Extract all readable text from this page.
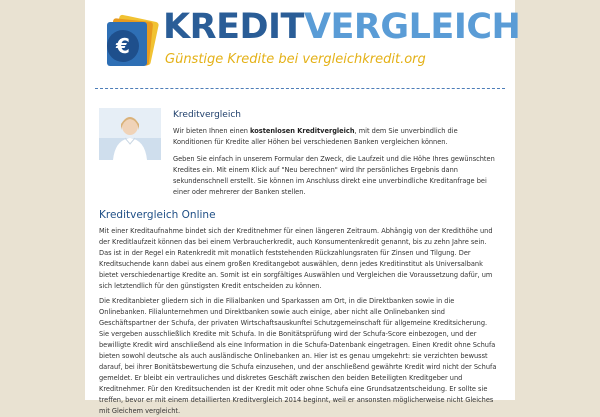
€ KREDITVERGLEICH
Günstige Kredite bei vergleichkredit.org
Kreditvergleich

Wir bieten Ihnen einen kostenlosen Kreditvergleich, mit dem Sie unverbindlich die Konditionen für Kredite aller Höhen bei verschiedenen Banken vergleichen können.

Geben Sie einfach in unserem Formular den Zweck, die Laufzeit und die Höhe Ihres gewünschten Kredites ein. Mit einem Klick auf "Neu berechnen" wird Ihr persönliches Ergebnis dann sekundenschnell erstellt. Sie können im Anschluss direkt eine unverbindliche Kreditanfrage bei einer oder mehrerer der Banken stellen.

Kreditvergleich Online

Mit einer Kreditaufnahme bindet sich der Kreditnehmer für einen längeren Zeitraum. Abhängig von der Kredithöhe und der Kreditlaufzeit können das bei einem Verbraucherkredit, auch Konsumentenkredit genannt, bis zu zehn Jahre sein. Das ist in der Regel ein Ratenkredit mit monatlich feststehenden Rückzahlungsraten für Zinsen und Tilgung. Der Kreditsuchende kann dabei aus einem großen Kreditangebot auswählen, denn jedes Kreditinstitut als Universalbank bietet verschiedenartige Kredite an. Somit ist ein sorgfältiges Auswählen und Vergleichen die Voraussetzung dafür, um sich letztendlich für den günstigsten Kredit entscheiden zu können.

Die Kreditanbieter gliedern sich in die Filialbanken und Sparkassen am Ort, in die Direktbanken sowie in die Onlinebanken. Filialunternehmen und Direktbanken sowie auch einige, aber nicht alle Onlinebanken sind Geschäftspartner der Schufa, der privaten Wirtschaftsauskunftei Schutzgemeinschaft für allgemeine Kreditsicherung. Sie vergeben ausschließlich Kredite mit Schufa. In die Bonitätsprüfung wird der Schufa-Score einbezogen, und der bewilligte Kredit wird anschließend als eine Information in die Schufa-Datenbank eingetragen. Einen Kredit ohne Schufa bieten sowohl deutsche als auch ausländische Onlinebanken an. Hier ist es genau umgekehrt: sie verzichten bewusst darauf, bei ihrer Bonitätsbewertung die Schufa einzusehen, und der anschließend gewährte Kredit wird nicht der Schufa gemeldet. Er bleibt ein vertrauliches und diskretes Geschäft zwischen den beiden Beteiligten Kreditgeber und Kreditnehmer. Für den Kreditsuchenden ist der Kredit mit oder ohne Schufa eine Grundsatzentscheidung. Er sollte sie treffen, bevor er mit einem detaillierten Kreditvergleich 2014 beginnt, weil er ansonsten möglicherweise nicht Gleiches mit Gleichem vergleicht.
